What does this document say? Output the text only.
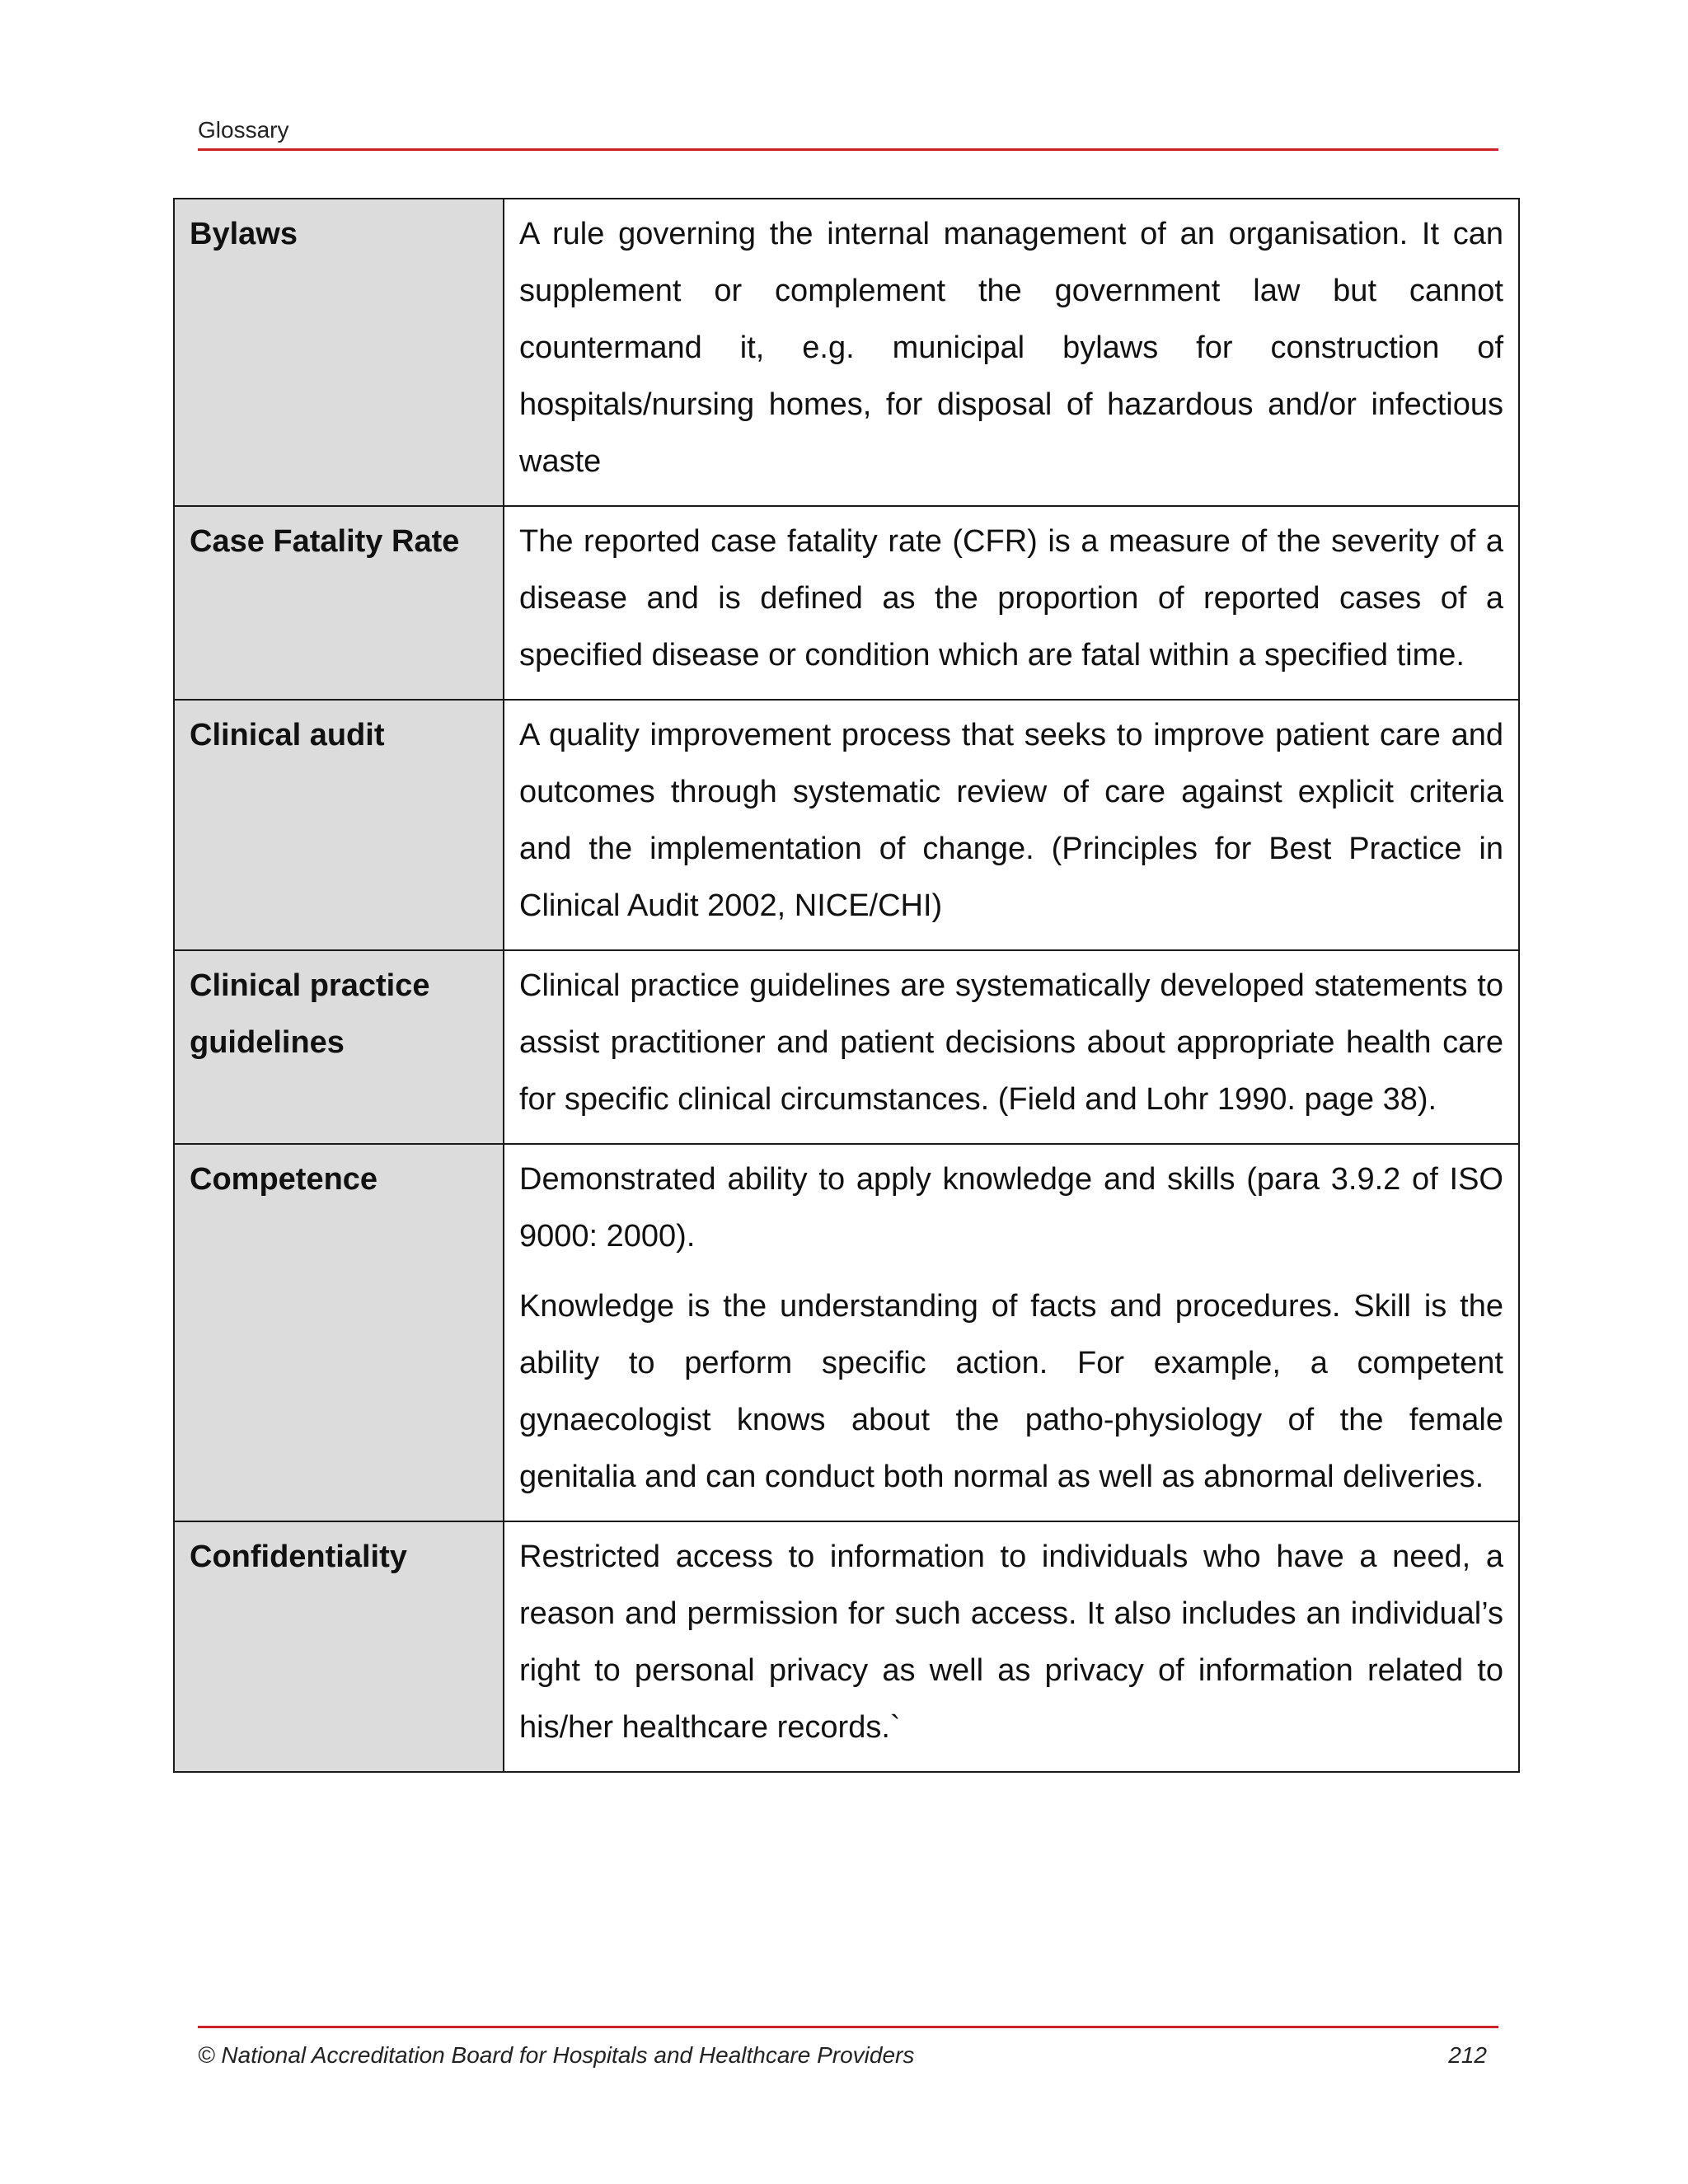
Glossary
Bylaws	A rule governing the internal management of an organisation. It can supplement or complement the government law but cannot countermand it, e.g. municipal bylaws for construction of hospitals/nursing homes, for disposal of hazardous and/or infectious waste

Case Fatality Rate	The reported case fatality rate (CFR) is a measure of the severity of a disease and is defined as the proportion of reported cases of a specified disease or condition which are fatal within a specified time.

Clinical audit	A quality improvement process that seeks to improve patient care and outcomes through systematic review of care against explicit criteria and the implementation of change. (Principles for Best Practice in Clinical Audit 2002, NICE/CHI)

Clinical practice guidelines	Clinical practice guidelines are systematically developed statements to assist practitioner and patient decisions about appropriate health care for specific clinical circumstances. (Field and Lohr 1990. page 38).

Competence	Demonstrated ability to apply knowledge and skills (para 3.9.2 of ISO 9000: 2000).

Knowledge is the understanding of facts and procedures. Skill is the ability to perform specific action. For example, a competent gynaecologist knows about the patho-physiology of the female genitalia and can conduct both normal as well as abnormal deliveries.

Confidentiality	Restricted access to information to individuals who have a need, a reason and permission for such access. It also includes an individual’s right to personal privacy as well as privacy of information related to his/her healthcare records.`

© National Accreditation Board for Hospitals and Healthcare Providers	212
